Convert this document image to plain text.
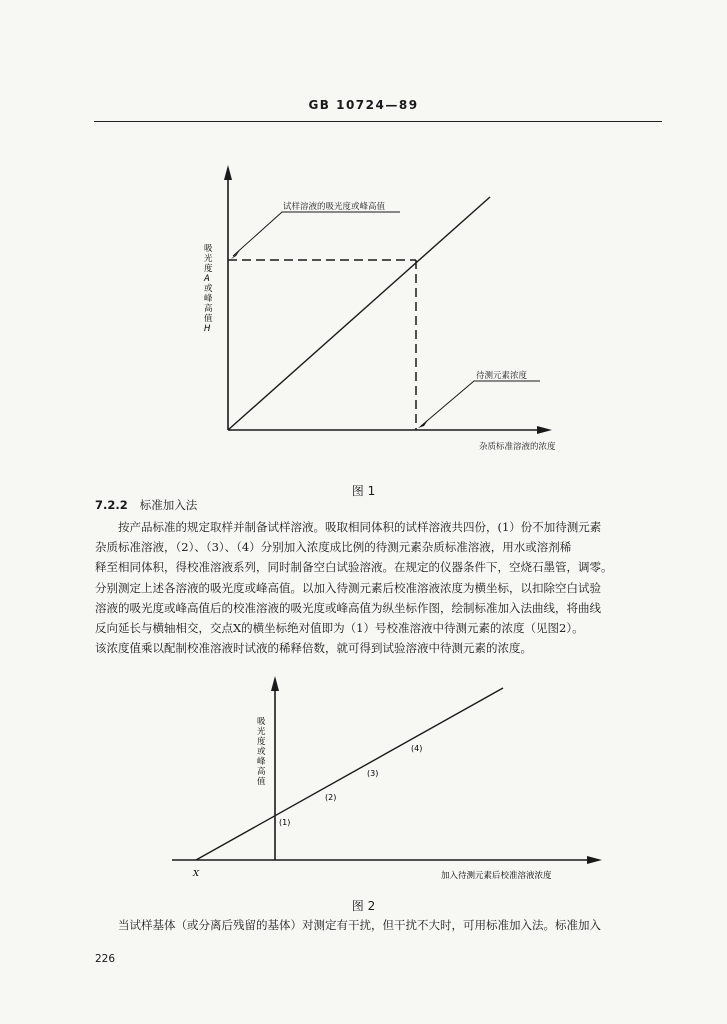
GB 10724—89
试样溶液的吸光度或峰高值
待测元素浓度
杂质标准溶液的浓度
吸
光
度
A
或
峰
高
值
H
图 1
7.2.2 标准加入法

按产品标准的规定取样并制备试样溶液。吸取相同体积的试样溶液共四份，(1）份不加待测元素

杂质标准溶液，（2）、（3）、（4）分别加入浓度成比例的待测元素杂质标准溶液，用水或溶剂稀

释至相同体积，得校准溶液系列，同时制备空白试验溶液。在规定的仪器条件下，空烧石墨管，调零。

分别测定上述各溶液的吸光度或峰高值。以加入待测元素后校准溶液浓度为横坐标，以扣除空白试验

溶液的吸光度或峰高值后的校准溶液的吸光度或峰高值为纵坐标作图，绘制标准加入法曲线，将曲线

反向延长与横轴相交，交点X的横坐标绝对值即为（1）号校准溶液中待测元素的浓度（见图2）。

该浓度值乘以配制校准溶液时试液的稀释倍数，就可得到试验溶液中待测元素的浓度。

(1)
(2)
(3)
(4)
X	加入待测元素后校准溶液浓度
吸
光
度
或
峰
高
值
图 2

当试样基体（或分离后残留的基体）对测定有干扰，但干扰不大时，可用标准加入法。标准加入

226
